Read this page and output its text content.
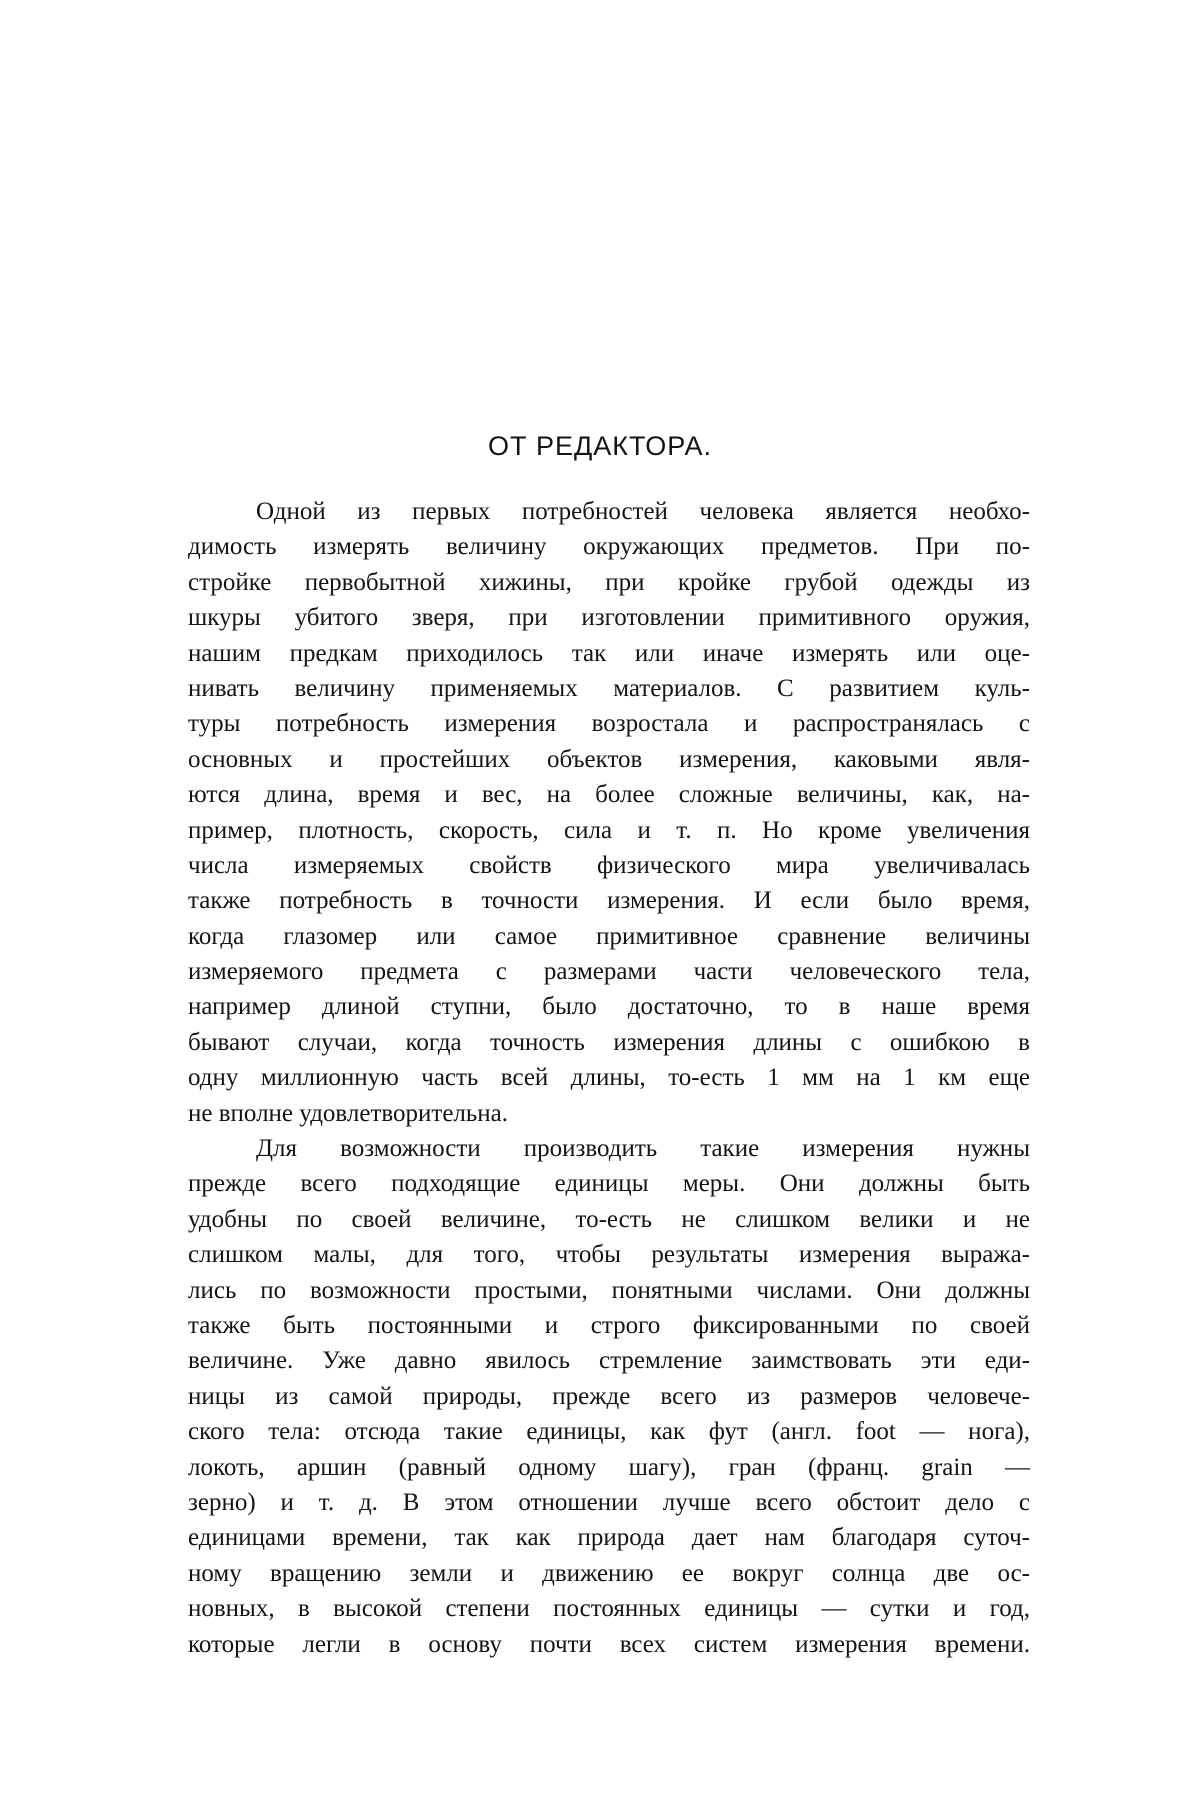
ОТ РЕДАКТОРА.
Одной из первых потребностей человека является необхо-
димость измерять величину окружающих предметов. При по-
стройке первобытной хижины, при кройке грубой одежды из
шкуры убитого зверя, при изготовлении примитивного оружия,
нашим предкам приходилось так или иначе измерять или оце-
нивать величину применяемых материалов. С развитием куль-
туры потребность измерения возростала и распространялась с
основных и простейших объектов измерения, каковыми явля-
ются длина, время и вес, на более сложные величины, как, на-
пример, плотность, скорость, сила и т. п. Но кроме увеличения
числа измеряемых свойств физического мира увеличивалась
также потребность в точности измерения. И если было время,
когда глазомер или самое примитивное сравнение величины
измеряемого предмета с размерами части человеческого тела,
например длиной ступни, было достаточно, то в наше время
бывают случаи, когда точность измерения длины с ошибкою в
одну миллионную часть всей длины, то-есть 1 мм на 1 км еще
не вполне удовлетворительна.
Для возможности производить такие измерения нужны
прежде всего подходящие единицы меры. Они должны быть
удобны по своей величине, то-есть не слишком велики и не
слишком малы, для того, чтобы результаты измерения выража-
лись по возможности простыми, понятными числами. Они должны
также быть постоянными и строго фиксированными по своей
величине. Уже давно явилось стремление заимствовать эти еди-
ницы из самой природы, прежде всего из размеров человече-
ского тела: отсюда такие единицы, как фут (англ. foot — нога),
локоть, аршин (равный одному шагу), гран (франц. grain —
зерно) и т. д. В этом отношении лучше всего обстоит дело с
единицами времени, так как природа дает нам благодаря суточ-
ному вращению земли и движению ее вокруг солнца две ос-
новных, в высокой степени постоянных единицы — сутки и год,
которые легли в основу почти всех систем измерения времени.
